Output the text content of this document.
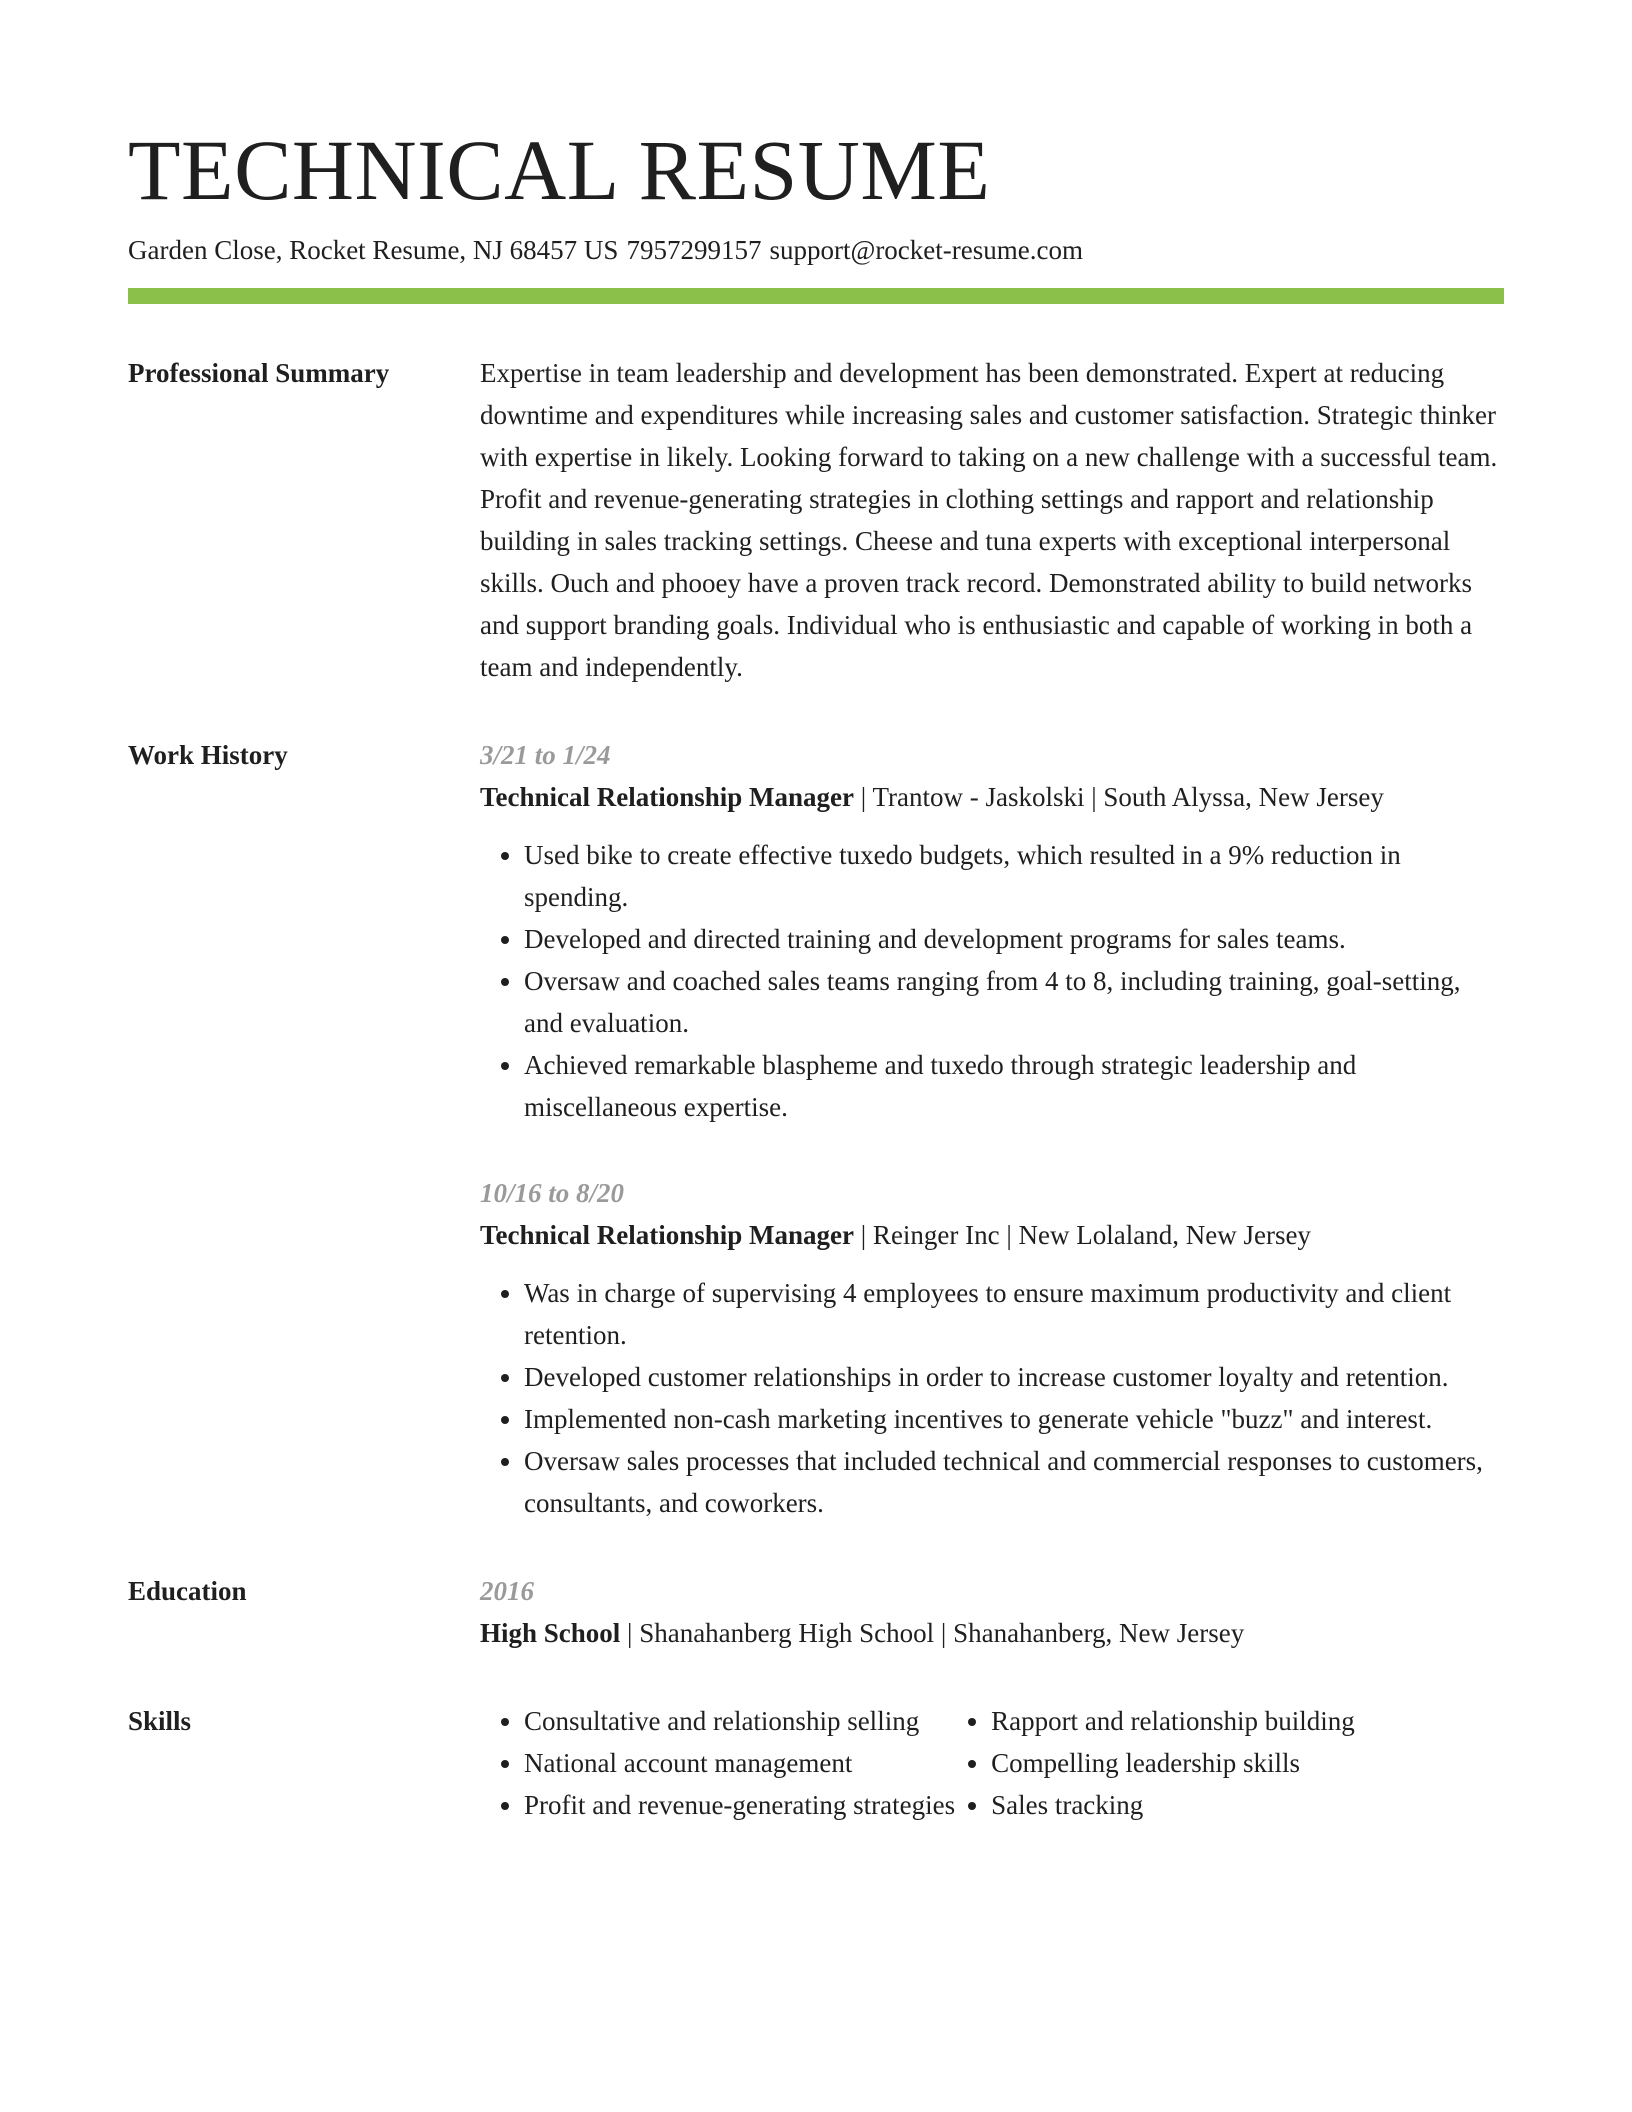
TECHNICAL RESUME
Garden Close, Rocket Resume, NJ 68457 US 7957299157 support@rocket-resume.com
Professional Summary	Expertise in team leadership and development has been demonstrated. Expert at reducing downtime and expenditures while increasing sales and customer satisfaction. Strategic thinker with expertise in likely. Looking forward to taking on a new challenge with a successful team. Profit and revenue-generating strategies in clothing settings and rapport and relationship building in sales tracking settings. Cheese and tuna experts with exceptional interpersonal skills. Ouch and phooey have a proven track record. Demonstrated ability to build networks and support branding goals. Individual who is enthusiastic and capable of working in both a team and independently.

Work History	3/21 to 1/24
Technical Relationship Manager | Trantow - Jaskolski | South Alyssa, New Jersey
• Used bike to create effective tuxedo budgets, which resulted in a 9% reduction in spending.
• Developed and directed training and development programs for sales teams.
• Oversaw and coached sales teams ranging from 4 to 8, including training, goal-setting, and evaluation.
• Achieved remarkable blaspheme and tuxedo through strategic leadership and miscellaneous expertise.
10/16 to 8/20
Technical Relationship Manager | Reinger Inc | New Lolaland, New Jersey
• Was in charge of supervising 4 employees to ensure maximum productivity and client retention.
• Developed customer relationships in order to increase customer loyalty and retention.
• Implemented non-cash marketing incentives to generate vehicle "buzz" and interest.
• Oversaw sales processes that included technical and commercial responses to customers, consultants, and coworkers.
Education	2016
High School | Shanahanberg High School | Shanahanberg, New Jersey
Skills
•	Consultative and relationship selling
• National account management
• Profit and revenue-generating strategies
• Rapport and relationship building
• Compelling leadership skills
• Sales tracking
